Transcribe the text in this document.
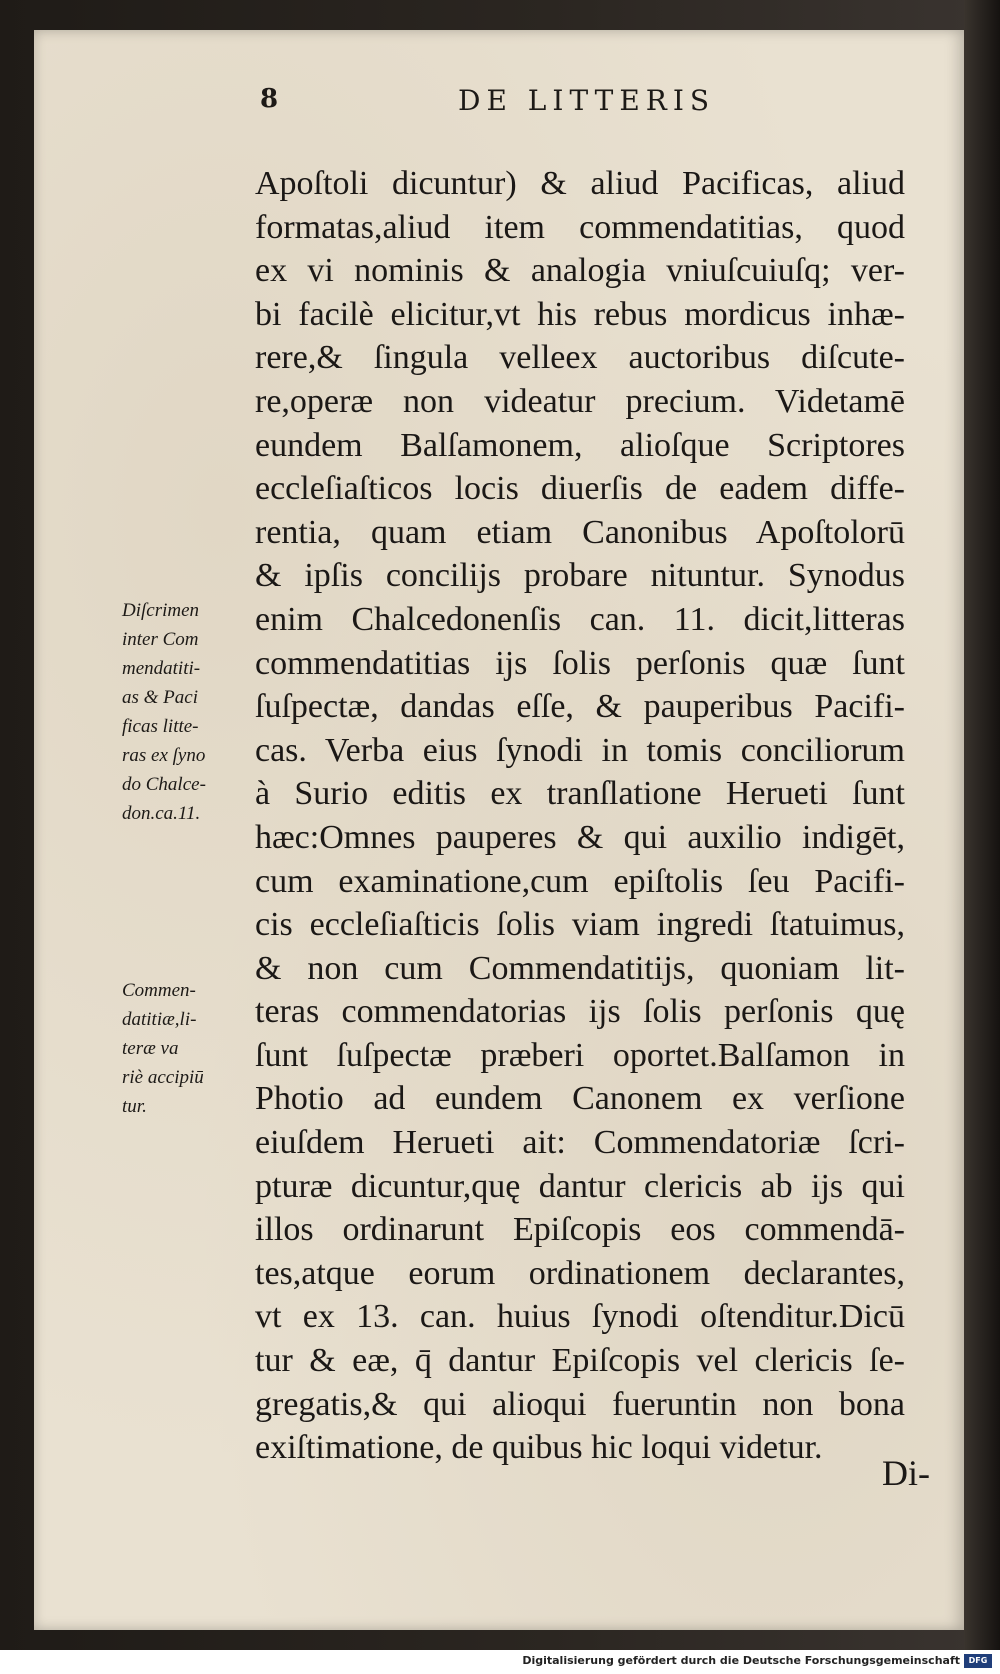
8	DE LITTERIS
Diſcrimen
inter Com
mendatiti-
as & Paci
ficas litte-
ras ex ſyno
do Chalce-
don.ca.11.
Commen-
datitiæ,li-
teræ va
riè accipiū
tur.
Apoſtoli dicuntur) & aliud Pacificas, aliud
formatas,aliud item commendatitias, quod
ex vi nominis & analogia vniuſcuiuſq; ver-
bi facilè elicitur,vt his rebus mordicus inhæ-
rere,& ſingula velleex auctoribus diſcute-
re,operæ non videatur precium. Videtamē
eundem Balſamonem, alioſque Scriptores
eccleſiaſticos locis diuerſis de eadem diffe-
rentia, quam etiam Canonibus Apoſtolorū
& ipſis concilijs probare nituntur. Synodus
enim Chalcedonenſis can. 11. dicit,litteras
commendatitias ijs ſolis perſonis quæ ſunt
ſuſpectæ, dandas eſſe, & pauperibus Pacifi-
cas. Verba eius ſynodi in tomis conciliorum
à Surio editis ex tranſlatione Herueti ſunt
hæc:Omnes pauperes & qui auxilio indigēt,
cum examinatione,cum epiſtolis ſeu Pacifi-
cis eccleſiaſticis ſolis viam ingredi ſtatuimus,
& non cum Commendatitijs, quoniam lit-
teras commendatorias ijs ſolis perſonis quę
ſunt ſuſpectæ præberi oportet.Balſamon in
Photio ad eundem Canonem ex verſione
eiuſdem Herueti ait: Commendatoriæ ſcri-
pturæ dicuntur,quę dantur clericis ab ijs qui
illos ordinarunt Epiſcopis eos commendā-
tes,atque eorum ordinationem declarantes,
vt ex 13. can. huius ſynodi oſtenditur.Dicū
tur & eæ, q̄ dantur Epiſcopis vel clericis ſe-
gregatis,& qui alioqui fueruntin non bona
exiſtimatione, de quibus hic loqui videtur.
Di-
Digitalisierung gefördert durch die Deutsche Forschungsgemeinschaft	DFG
